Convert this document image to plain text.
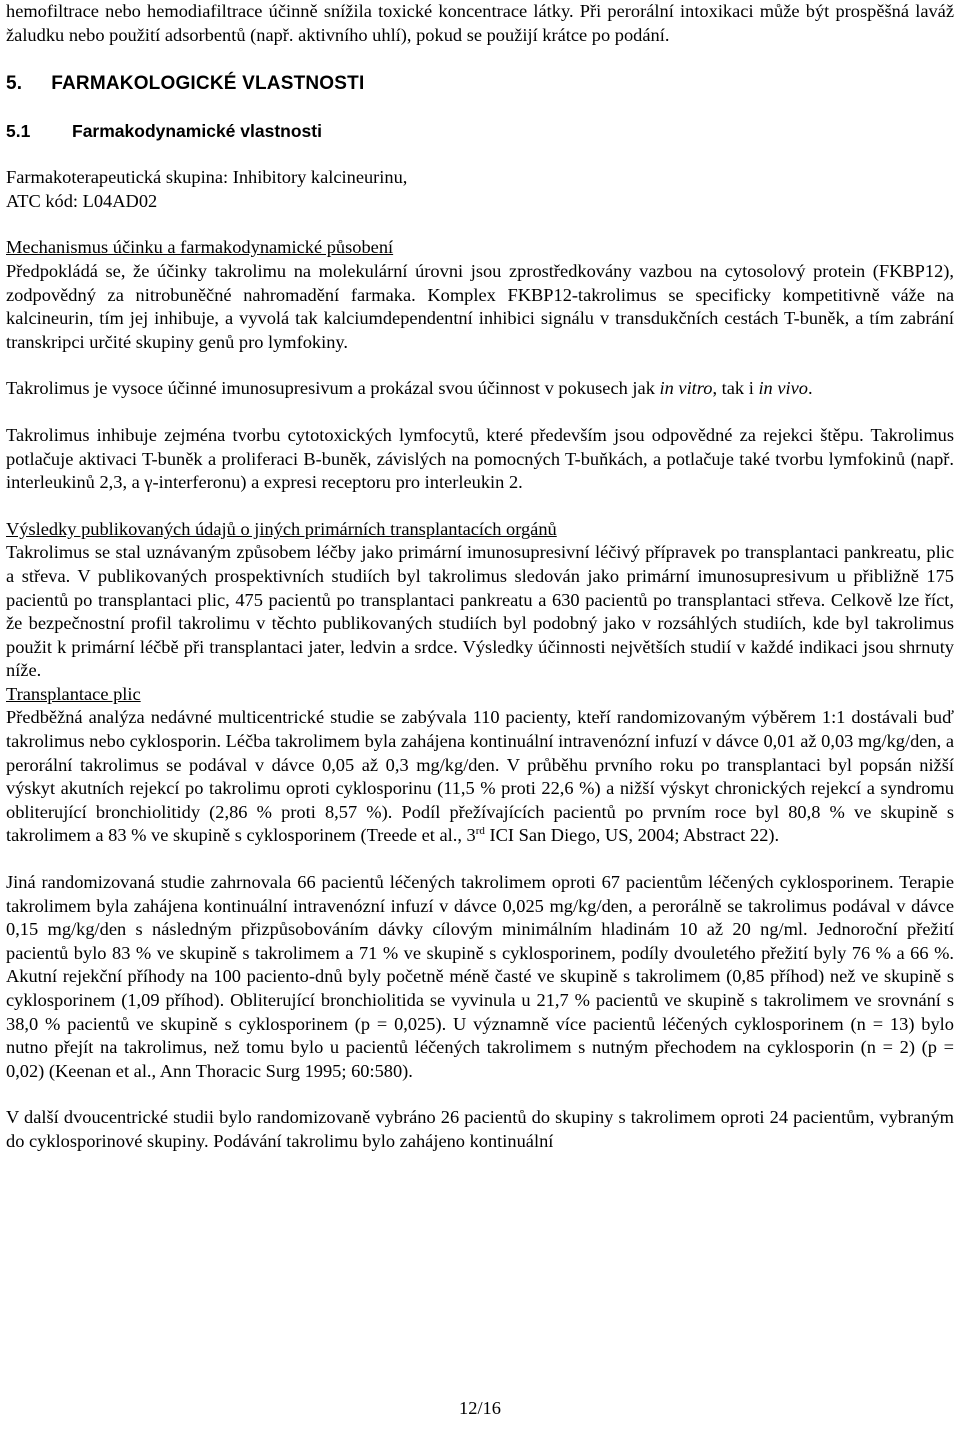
hemofiltrace nebo hemodiafiltrace účinně snížila toxické koncentrace látky. Při perorální intoxikaci může být prospěšná laváž žaludku nebo použití adsorbentů (např. aktivního uhlí), pokud se použijí krátce po podání.

5. FARMAKOLOGICKÉ VLASTNOSTI
5.1 Farmakodynamické vlastnosti

Farmakoterapeutická skupina: Inhibitory kalcineurinu,

ATC kód: L04AD02

Mechanismus účinku a farmakodynamické působení

Předpokládá se, že účinky takrolimu na molekulární úrovni jsou zprostředkovány vazbou na cytosolový protein (FKBP12), zodpovědný za nitrobuněčné nahromadění farmaka. Komplex FKBP12-takrolimus se specificky kompetitivně váže na kalcineurin, tím jej inhibuje, a vyvolá tak kalciumdependentní inhibici signálu v transdukčních cestách T-buněk, a tím zabrání transkripci určité skupiny genů pro lymfokiny.

Takrolimus je vysoce účinné imunosupresivum a prokázal svou účinnost v pokusech jak in vitro, tak i in vivo.

Takrolimus inhibuje zejména tvorbu cytotoxických lymfocytů, které především jsou odpovědné za rejekci štěpu. Takrolimus potlačuje aktivaci T-buněk a proliferaci B-buněk, závislých na pomocných T-buňkách, a potlačuje také tvorbu lymfokinů (např. interleukinů 2,3, a γ-interferonu) a expresi receptoru pro interleukin 2.

Výsledky publikovaných údajů o jiných primárních transplantacích orgánů

Takrolimus se stal uznávaným způsobem léčby jako primární imunosupresivní léčivý přípravek po transplantaci pankreatu, plic a střeva. V publikovaných prospektivních studiích byl takrolimus sledován jako primární imunosupresivum u přibližně 175 pacientů po transplantaci plic, 475 pacientů po transplantaci pankreatu a 630 pacientů po transplantaci střeva. Celkově lze říct, že bezpečnostní profil takrolimu v těchto publikovaných studiích byl podobný jako v rozsáhlých studiích, kde byl takrolimus použit k primární léčbě při transplantaci jater, ledvin a srdce. Výsledky účinnosti největších studií v každé indikaci jsou shrnuty níže.

Transplantace plic

Předběžná analýza nedávné multicentrické studie se zabývala 110 pacienty, kteří randomizovaným výběrem 1:1 dostávali buď takrolimus nebo cyklosporin. Léčba takrolimem byla zahájena kontinuální intravenózní infuzí v dávce 0,01 až 0,03 mg/kg/den, a perorální takrolimus se podával v dávce 0,05 až 0,3 mg/kg/den. V průběhu prvního roku po transplantaci byl popsán nižší výskyt akutních rejekcí po takrolimu oproti cyklosporinu (11,5 % proti 22,6 %) a nižší výskyt chronických rejekcí a syndromu obliterující bronchiolitidy (2,86 % proti 8,57 %). Podíl přežívajících pacientů po prvním roce byl 80,8 % ve skupině s takrolimem a 83 % ve skupině s cyklosporinem (Treede et al., 3rd ICI San Diego, US, 2004; Abstract 22).

Jiná randomizovaná studie zahrnovala 66 pacientů léčených takrolimem oproti 67 pacientům léčených cyklosporinem. Terapie takrolimem byla zahájena kontinuální intravenózní infuzí v dávce 0,025 mg/kg/den, a perorálně se takrolimus podával v dávce 0,15 mg/kg/den s následným přizpůsobováním dávky cílovým minimálním hladinám 10 až 20 ng/ml. Jednoroční přežití pacientů bylo 83 % ve skupině s takrolimem a 71 % ve skupině s cyklosporinem, podíly dvouletého přežití byly 76 % a 66 %. Akutní rejekční příhody na 100 paciento-dnů byly početně méně časté ve skupině s takrolimem (0,85 příhod) než ve skupině s cyklosporinem (1,09 příhod). Obliterující bronchiolitida se vyvinula u 21,7 % pacientů ve skupině s takrolimem ve srovnání s 38,0 % pacientů ve skupině s cyklosporinem (p = 0,025). U významně více pacientů léčených cyklosporinem (n = 13) bylo nutno přejít na takrolimus, než tomu bylo u pacientů léčených takrolimem s nutným přechodem na cyklosporin (n = 2) (p = 0,02) (Keenan et al., Ann Thoracic Surg 1995; 60:580).

V další dvoucentrické studii bylo randomizovaně vybráno 26 pacientů do skupiny s takrolimem oproti 24 pacientům, vybraným do cyklosporinové skupiny. Podávání takrolimu bylo zahájeno kontinuální

12/16
